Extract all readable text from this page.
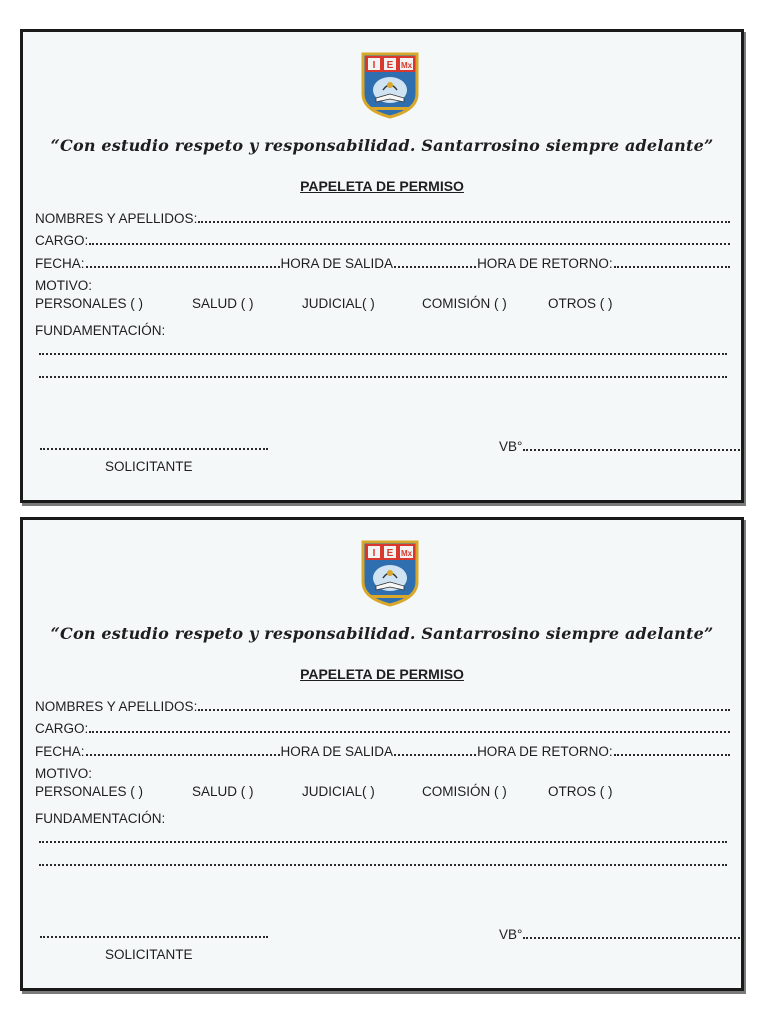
I E Mx
“Con estudio respeto y responsabilidad. Santarrosino siempre adelante”
PAPELETA DE PERMISO
NOMBRES Y APELLIDOS:
CARGO:
FECHA:	HORA DE SALIDA	HORA DE RETORNO:
MOTIVO:
PERSONALES ( )	SALUD ( )	JUDICIAL( )	COMISIÓN ( )	OTROS ( )
FUNDAMENTACIÓN:
SOLICITANTE
VB°
I E Mx
“Con estudio respeto y responsabilidad. Santarrosino siempre adelante”
PAPELETA DE PERMISO
NOMBRES Y APELLIDOS:
CARGO:
FECHA:	HORA DE SALIDA	HORA DE RETORNO:
MOTIVO:
PERSONALES ( )	SALUD ( )	JUDICIAL( )	COMISIÓN ( )	OTROS ( )
FUNDAMENTACIÓN:
SOLICITANTE
VB°
